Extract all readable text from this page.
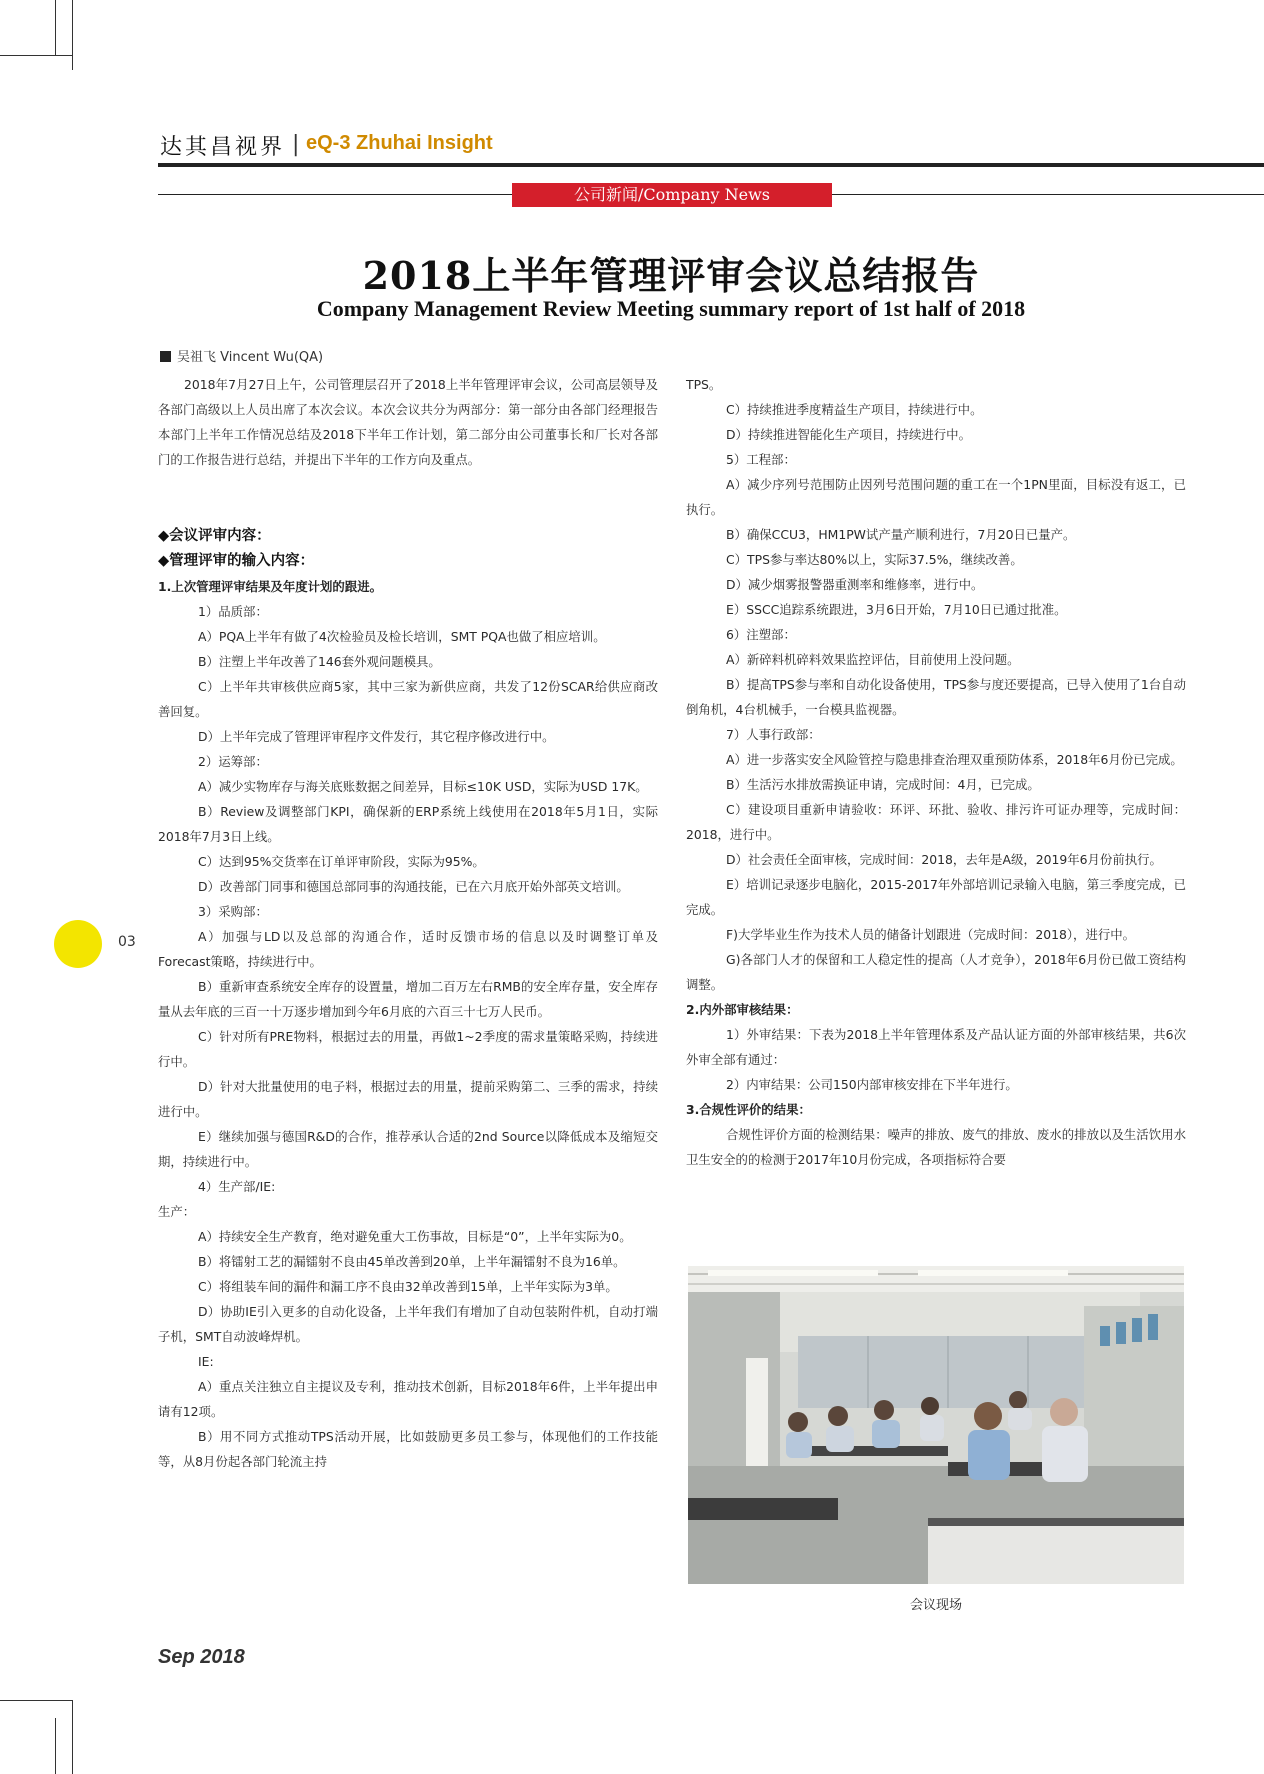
达其昌视界 | eQ-3 Zhuhai Insight
公司新闻/Company News
2018上半年管理评审会议总结报告
Company Management Review Meeting summary report of 1st half of 2018
吴祖飞 Vincent Wu(QA)

2018年7月27日上午，公司管理层召开了2018上半年管理评审会议，公司高层领导及各部门高级以上人员出席了本次会议。本次会议共分为两部分：第一部分由各部门经理报告本部门上半年工作情况总结及2018下半年工作计划，第二部分由公司董事长和厂长对各部门的工作报告进行总结，并提出下半年的工作方向及重点。

◆会议评审内容：

◆管理评审的输入内容：

1.上次管理评审结果及年度计划的跟进。

1）品质部：

A）PQA上半年有做了4次检验员及检长培训，SMT PQA也做了相应培训。

B）注塑上半年改善了146套外观问题模具。

C）上半年共审核供应商5家，其中三家为新供应商，共发了12份SCAR给供应商改善回复。

D）上半年完成了管理评审程序文件发行，其它程序修改进行中。

2）运筹部：

A）减少实物库存与海关底账数据之间差异，目标≤10K USD，实际为USD 17K。

B）Review及调整部门KPI，确保新的ERP系统上线使用在2018年5月1日，实际2018年7月3日上线。

C）达到95%交货率在订单评审阶段，实际为95%。

D）改善部门同事和德国总部同事的沟通技能，已在六月底开始外部英文培训。

3）采购部：

A）加强与LD以及总部的沟通合作，适时反馈市场的信息以及时调整订单及Forecast策略，持续进行中。

B）重新审查系统安全库存的设置量，增加二百万左右RMB的安全库存量，安全库存量从去年底的三百一十万逐步增加到今年6月底的六百三十七万人民币。

C）针对所有PRE物料，根据过去的用量，再做1~2季度的需求量策略采购，持续进行中。

D）针对大批量使用的电子料，根据过去的用量，提前采购第二、三季的需求，持续进行中。

E）继续加强与德国R&D的合作，推荐承认合适的2nd Source以降低成本及缩短交期，持续进行中。

4）生产部/IE:

生产：

A）持续安全生产教育，绝对避免重大工伤事故，目标是“0”，上半年实际为0。

B）将镭射工艺的漏镭射不良由45单改善到20单，上半年漏镭射不良为16单。

C）将组装车间的漏件和漏工序不良由32单改善到15单，上半年实际为3单。

D）协助IE引入更多的自动化设备，上半年我们有增加了自动包装附件机，自动打端子机，SMT自动波峰焊机。

IE:

A）重点关注独立自主提议及专利，推动技术创新，目标2018年6件，上半年提出申请有12项。

B）用不同方式推动TPS活动开展，比如鼓励更多员工参与，体现他们的工作技能等，从8月份起各部门轮流主持

TPS。

C）持续推进季度精益生产项目，持续进行中。

D）持续推进智能化生产项目，持续进行中。

5）工程部：

A）减少序列号范围防止因列号范围问题的重工在一个1PN里面，目标没有返工，已执行。

B）确保CCU3，HM1PW试产量产顺利进行，7月20日已量产。

C）TPS参与率达80%以上，实际37.5%，继续改善。

D）减少烟雾报警器重测率和维修率，进行中。

E）SSCC追踪系统跟进，3月6日开始，7月10日已通过批准。

6）注塑部：

A）新碎料机碎料效果监控评估，目前使用上没问题。

B）提高TPS参与率和自动化设备使用，TPS参与度还要提高，已导入使用了1台自动倒角机，4台机械手，一台模具监视器。

7）人事行政部：

A）进一步落实安全风险管控与隐患排查治理双重预防体系，2018年6月份已完成。

B）生活污水排放需换证申请，完成时间：4月，已完成。

C）建设项目重新申请验收：环评、环批、验收、排污许可证办理等，完成时间：2018，进行中。

D）社会责任全面审核，完成时间：2018，去年是A级，2019年6月份前执行。

E）培训记录逐步电脑化，2015-2017年外部培训记录输入电脑，第三季度完成，已完成。

F)大学毕业生作为技术人员的储备计划跟进（完成时间：2018），进行中。

G)各部门人才的保留和工人稳定性的提高（人才竞争），2018年6月份已做工资结构调整。

2.内外部审核结果：

1）外审结果：下表为2018上半年管理体系及产品认证方面的外部审核结果，共6次外审全部有通过：

2）内审结果：公司150内部审核安排在下半年进行。

3.合规性评价的结果：

合规性评价方面的检测结果：噪声的排放、废气的排放、废水的排放以及生活饮用水卫生安全的的检测于2017年10月份完成，各项指标符合要

会议现场
03
Sep 2018
